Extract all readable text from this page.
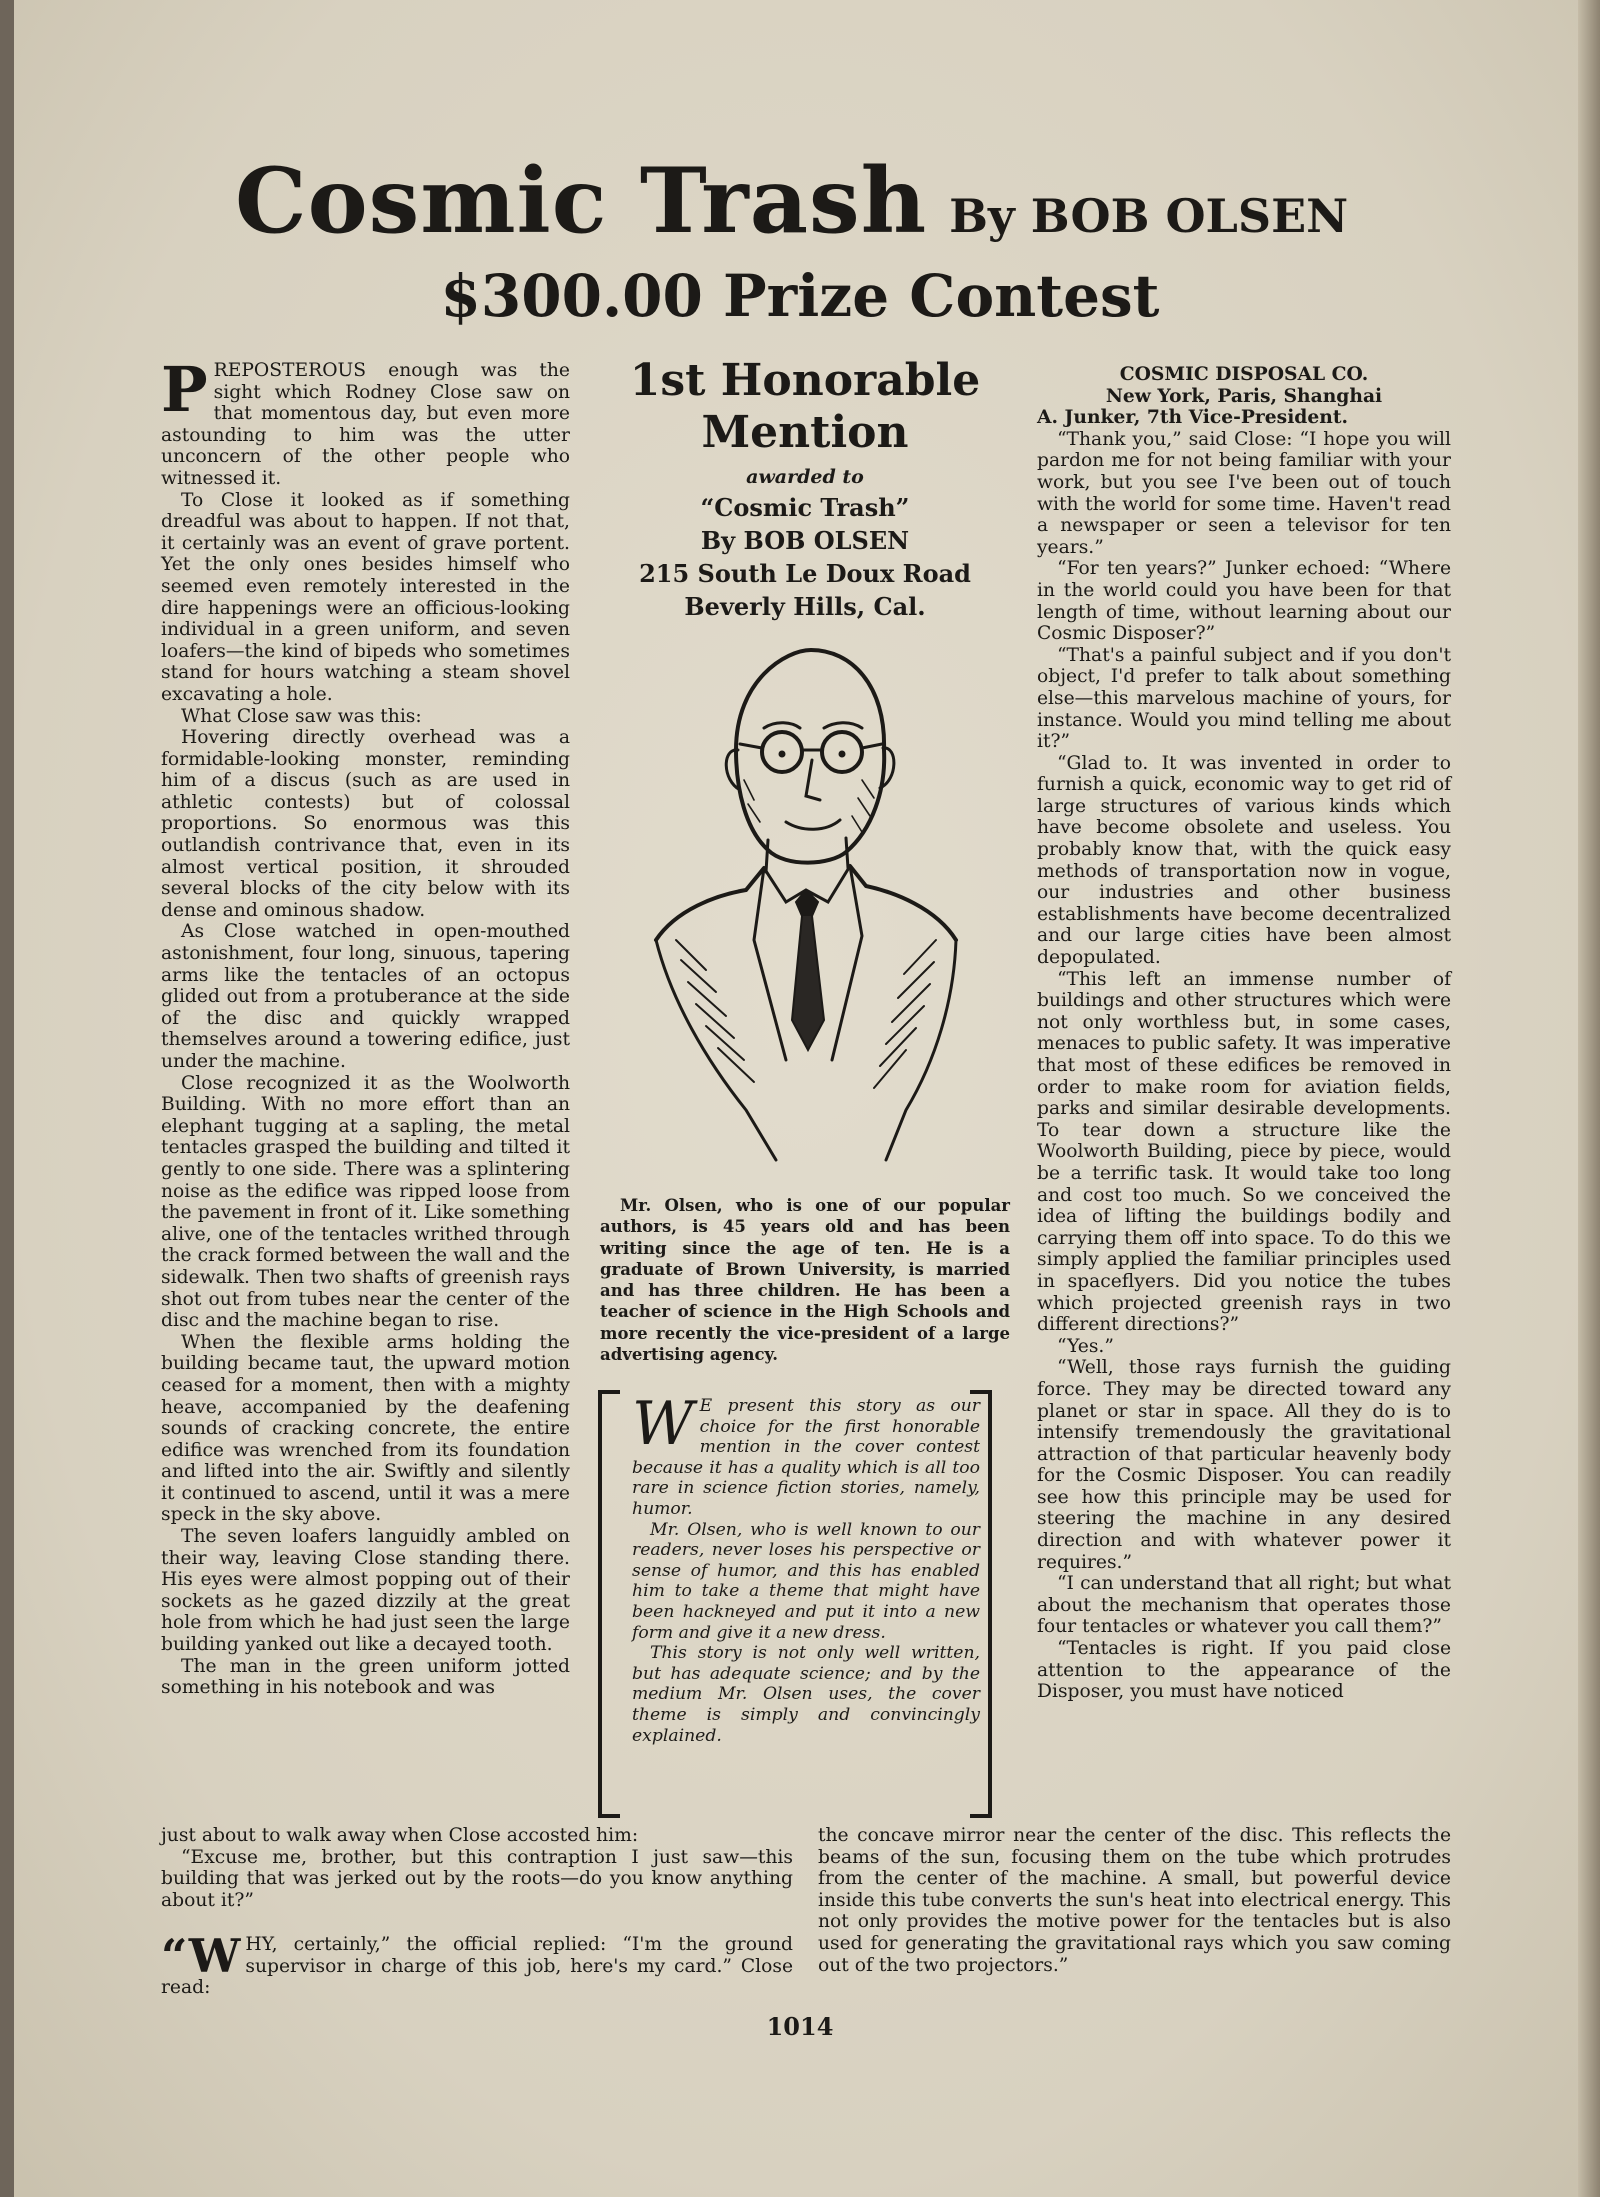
Cosmic Trash By BOB OLSEN
$300.00 Prize Contest

PREPOSTEROUS enough was the sight which Rodney Close saw on that momentous day, but even more astounding to him was the utter unconcern of the other people who witnessed it.

To Close it looked as if something dreadful was about to happen. If not that, it certainly was an event of grave portent. Yet the only ones besides himself who seemed even remotely interested in the dire happenings were an officious-looking individual in a green uniform, and seven loafers—the kind of bipeds who sometimes stand for hours watching a steam shovel excavating a hole.

What Close saw was this:

Hovering directly overhead was a formidable-looking monster, reminding him of a discus (such as are used in athletic contests) but of colossal proportions. So enormous was this outlandish contrivance that, even in its almost vertical position, it shrouded several blocks of the city below with its dense and ominous shadow.

As Close watched in open-mouthed astonishment, four long, sinuous, tapering arms like the tentacles of an octopus glided out from a protuberance at the side of the disc and quickly wrapped themselves around a towering edifice, just under the machine.

Close recognized it as the Woolworth Building. With no more effort than an elephant tugging at a sapling, the metal tentacles grasped the building and tilted it gently to one side. There was a splintering noise as the edifice was ripped loose from the pavement in front of it. Like something alive, one of the tentacles writhed through the crack formed between the wall and the sidewalk. Then two shafts of greenish rays shot out from tubes near the center of the disc and the machine began to rise.

When the flexible arms holding the building became taut, the upward motion ceased for a moment, then with a mighty heave, accompanied by the deafening sounds of cracking concrete, the entire edifice was wrenched from its foundation and lifted into the air. Swiftly and silently it continued to ascend, until it was a mere speck in the sky above.

The seven loafers languidly ambled on their way, leaving Close standing there. His eyes were almost popping out of their sockets as he gazed dizzily at the great hole from which he had just seen the large building yanked out like a decayed tooth.

The man in the green uniform jotted something in his notebook and was

1st Honorable
Mention
awarded to
“Cosmic Trash”
By BOB OLSEN
215 South Le Doux Road
Beverly Hills, Cal.

Mr. Olsen, who is one of our popular authors, is 45 years old and has been writing since the age of ten. He is a graduate of Brown University, is married and has three children. He has been a teacher of science in the High Schools and more recently the vice-president of a large advertising agency.

W E present this story as our choice for the first honorable mention in the cover contest because it has a quality which is all too rare in science fiction stories, namely, humor.

Mr. Olsen, who is well known to our readers, never loses his perspective or sense of humor, and this has enabled him to take a theme that might have been hackneyed and put it into a new form and give it a new dress.

This story is not only well written, but has adequate science; and by the medium Mr. Olsen uses, the cover theme is simply and convincingly explained.

COSMIC DISPOSAL CO.

New York, Paris, Shanghai

A. Junker, 7th Vice-President.

“Thank you,” said Close: “I hope you will pardon me for not being familiar with your work, but you see I've been out of touch with the world for some time. Haven't read a newspaper or seen a televisor for ten years.”

“For ten years?” Junker echoed: “Where in the world could you have been for that length of time, without learning about our Cosmic Disposer?”

“That's a painful subject and if you don't object, I'd prefer to talk about something else—this marvelous machine of yours, for instance. Would you mind telling me about it?”

“Glad to. It was invented in order to furnish a quick, economic way to get rid of large structures of various kinds which have become obsolete and useless. You probably know that, with the quick easy methods of transportation now in vogue, our industries and other business establishments have become decentralized and our large cities have been almost depopulated.

“This left an immense number of buildings and other structures which were not only worthless but, in some cases, menaces to public safety. It was imperative that most of these edifices be removed in order to make room for aviation fields, parks and similar desirable developments. To tear down a structure like the Woolworth Building, piece by piece, would be a terrific task. It would take too long and cost too much. So we conceived the idea of lifting the buildings bodily and carrying them off into space. To do this we simply applied the familiar principles used in spaceflyers. Did you notice the tubes which projected greenish rays in two different directions?”

“Yes.”

“Well, those rays furnish the guiding force. They may be directed toward any planet or star in space. All they do is to intensify tremendously the gravitational attraction of that particular heavenly body for the Cosmic Disposer. You can readily see how this principle may be used for steering the machine in any desired direction and with whatever power it requires.”

“I can understand that all right; but what about the mechanism that operates those four tentacles or whatever you call them?”

“Tentacles is right. If you paid close attention to the appearance of the Disposer, you must have noticed

just about to walk away when Close accosted him:

“Excuse me, brother, but this contraption I just saw—this building that was jerked out by the roots—do you know anything about it?”

“WHY, certainly,” the official replied: “I'm the ground supervisor in charge of this job, here's my card.” Close read:

the concave mirror near the center of the disc. This reflects the beams of the sun, focusing them on the tube which protrudes from the center of the machine. A small, but powerful device inside this tube converts the sun's heat into electrical energy. This not only provides the motive power for the tentacles but is also used for generating the gravitational rays which you saw coming out of the two projectors.”

1014
